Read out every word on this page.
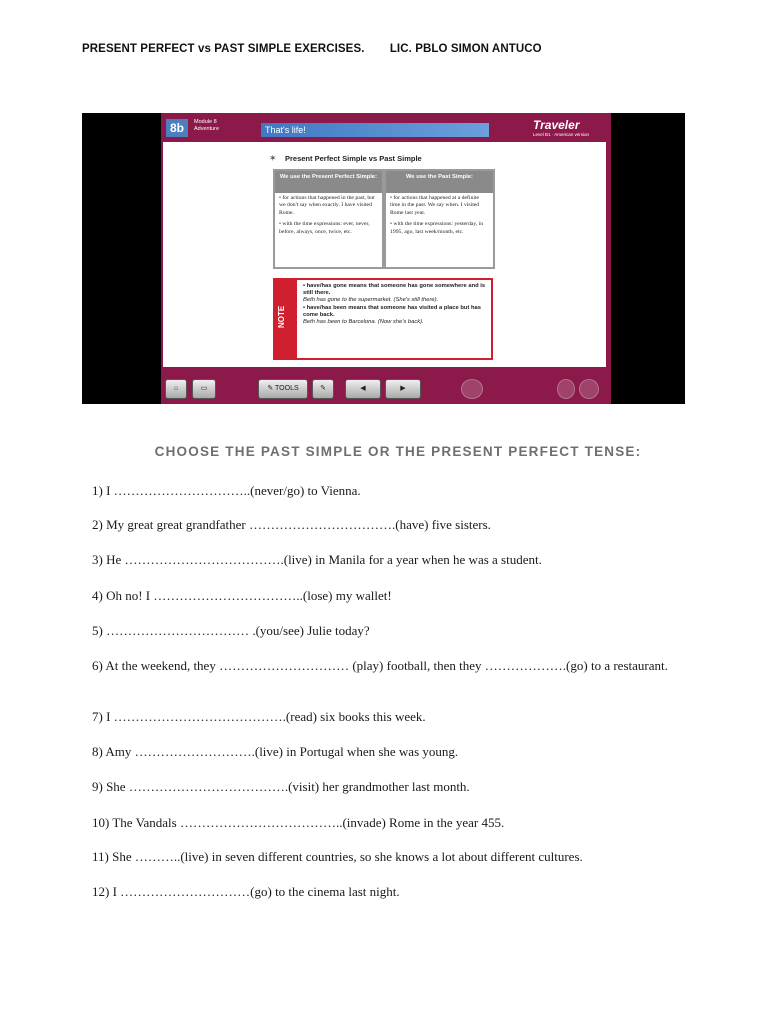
PRESENT PERFECT vs PAST SIMPLE EXERCISES. LIC. PBLO SIMON ANTUCO
8b	Module 8
Adventure	That's life!	Traveler
Level B1 · American version
✶ Present Perfect Simple vs Past Simple
We use the Present Perfect Simple:

• for actions that happened in the past, but we don't say when exactly. I have visited Rome.

• with the time expressions: ever, never, before, always, once, twice, etc.

We use the Past Simple:

• for actions that happened at a definite time in the past. We say when. I visited Rome last year.

• with the time expressions: yesterday, in 1995, ago, last week/month, etc.

NOTE

• have/has gone means that someone has gone somewhere and is still there.

Beth has gone to the supermarket. (She's still there).

• have/has been means that someone has visited a place but has come back.

Beth has been to Barcelona. (Now she's back).

⌂	▭	✎ TOOLS	✎	◀	▶
CHOOSE THE PAST SIMPLE OR THE PRESENT PERFECT TENSE:

1) I …………………………..(never/go) to Vienna.

2) My great great grandfather …………………………….(have) five sisters.

3) He ……………………………….(live) in Manila for a year when he was a student.

4) Oh no! I ……………………………..(lose) my wallet!

5) …………………………… .(you/see) Julie today?

6) At the weekend, they ………………………… (play) football, then they ……………….(go) to a restaurant.

7) I ………………………………….(read) six books this week.

8) Amy ……………………….(live) in Portugal when she was young.

9) She ……………………………….(visit) her grandmother last month.

10) The Vandals ………………………………..(invade) Rome in the year 455.

11) She ………..(live) in seven different countries, so she knows a lot about different cultures.

12) I …………………………(go) to the cinema last night.
